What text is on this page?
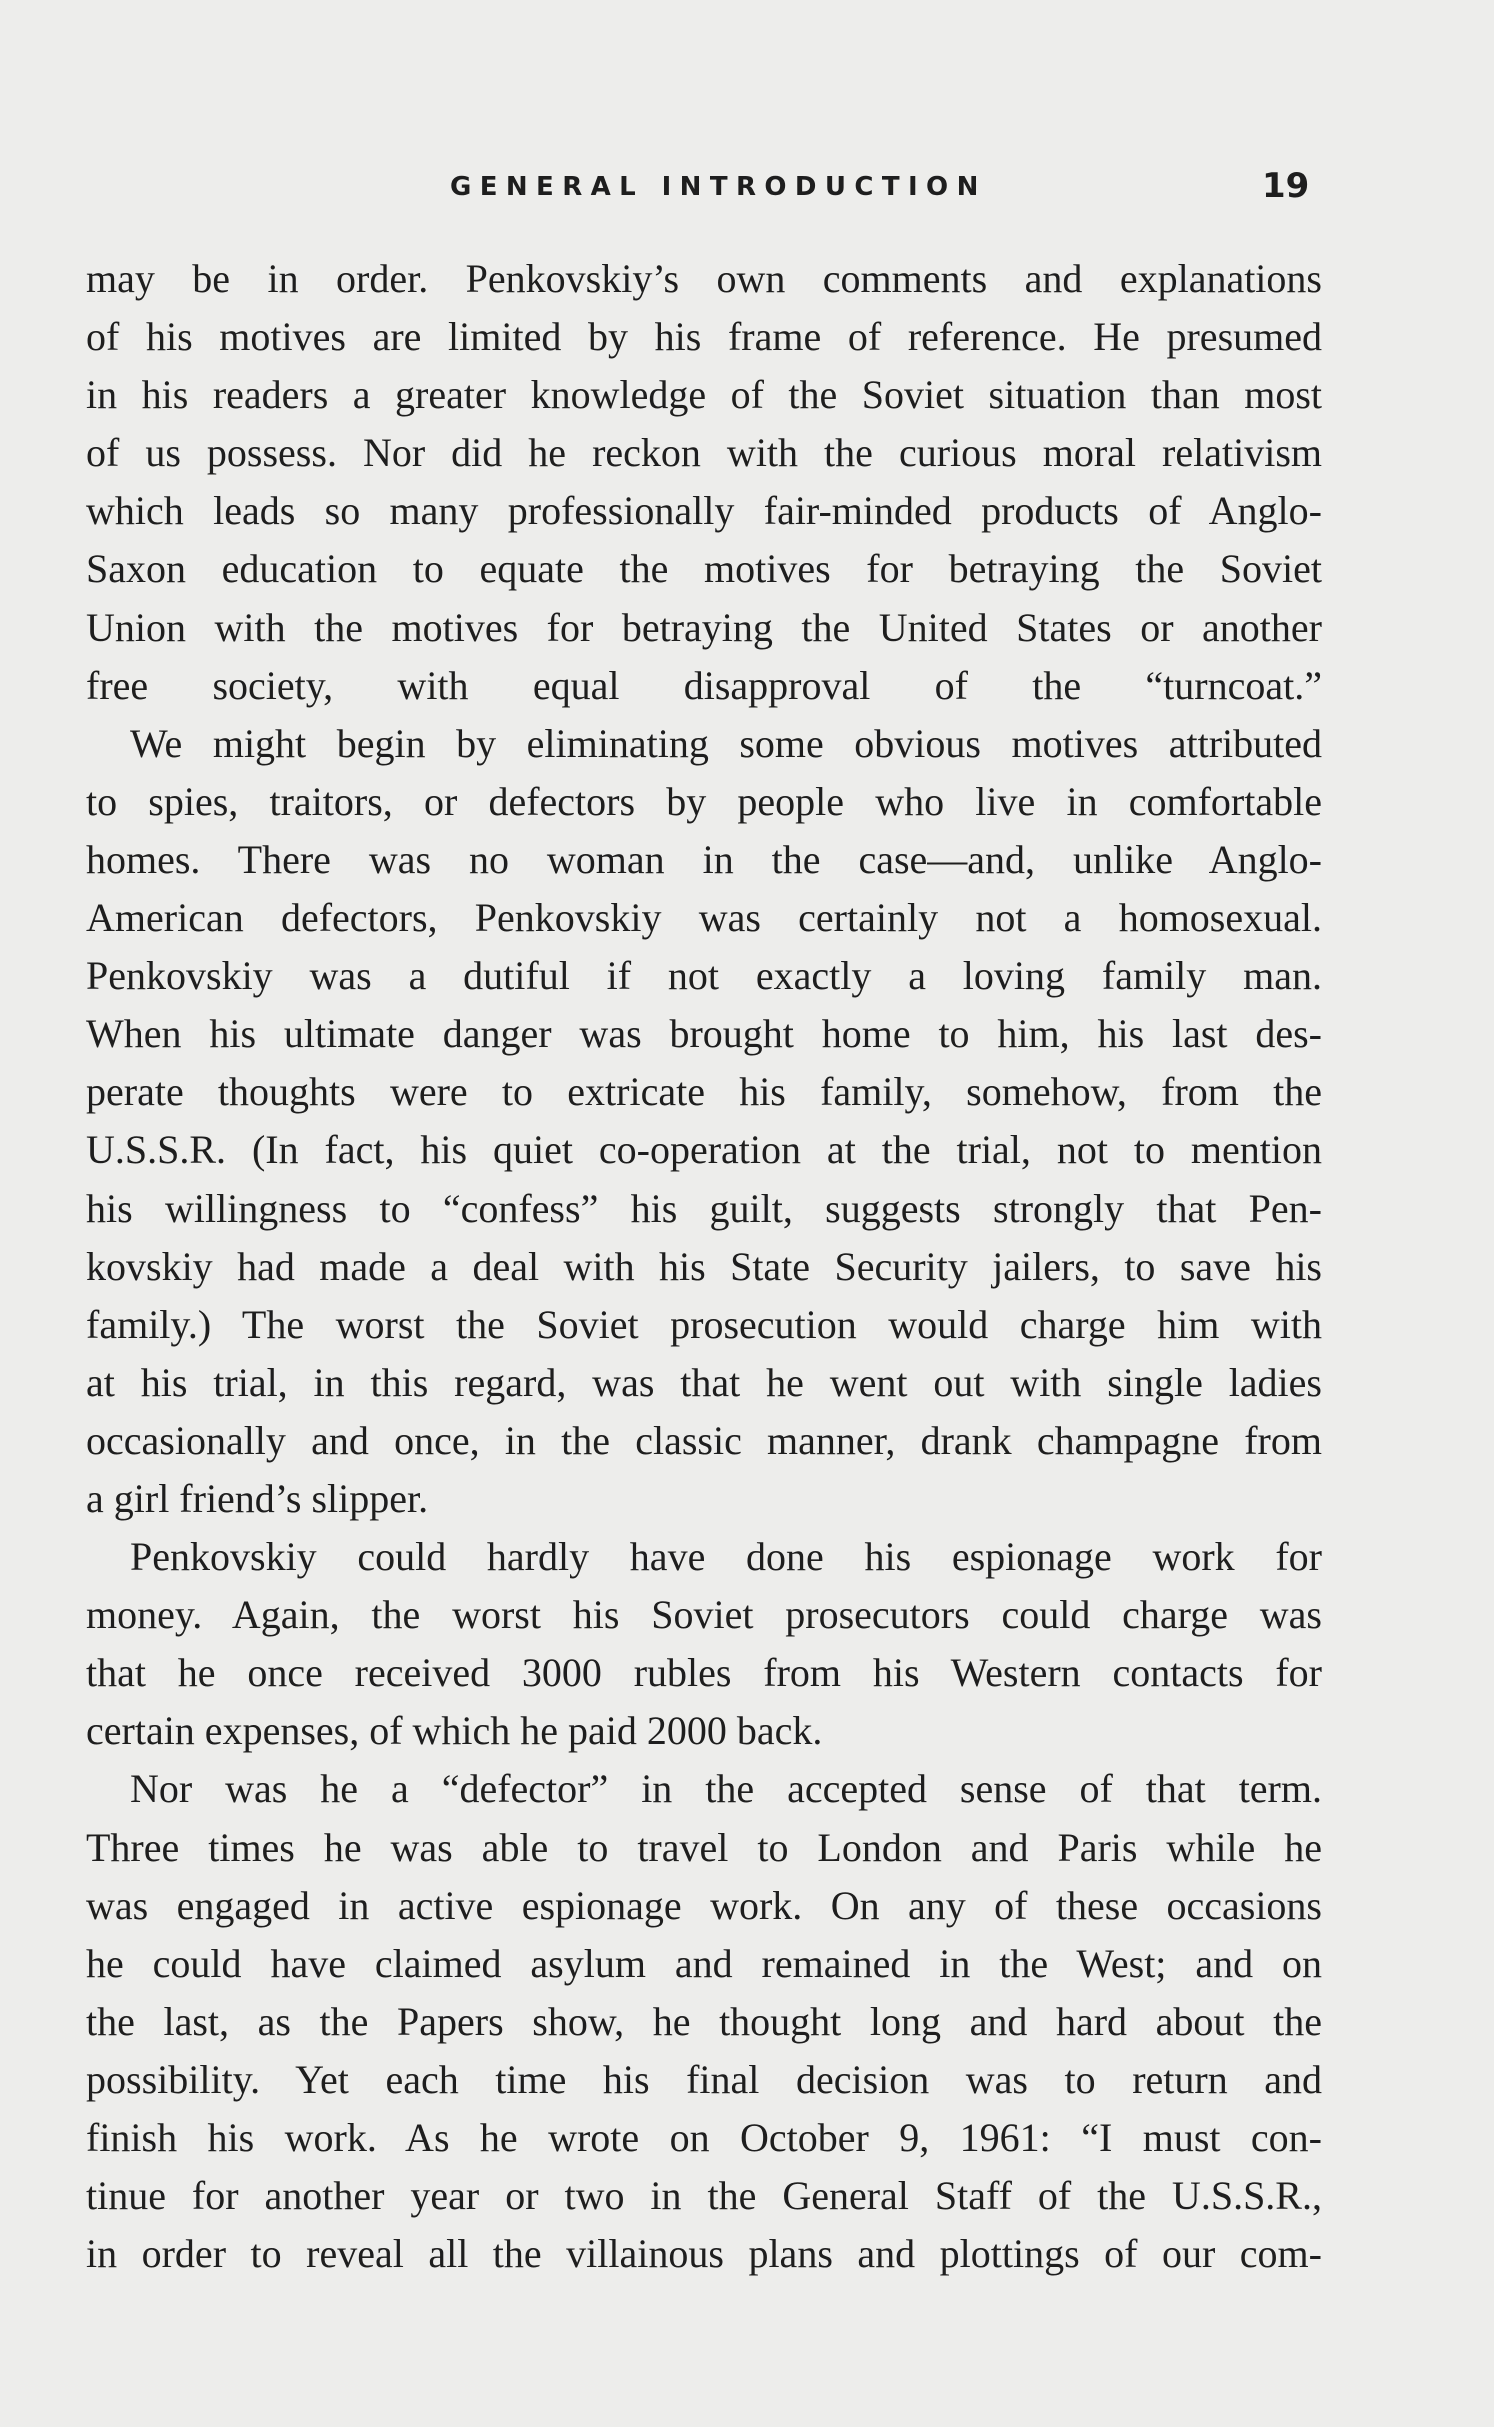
GENERAL INTRODUCTION	19
may be in order. Penkovskiy’s own comments and explanations
of his motives are limited by his frame of reference. He presumed
in his readers a greater knowledge of the Soviet situation than most
of us possess. Nor did he reckon with the curious moral relativism
which leads so many professionally fair-minded products of Anglo-
Saxon education to equate the motives for betraying the Soviet
Union with the motives for betraying the United States or another
free society, with equal disapproval of the “turncoat.”
We might begin by eliminating some obvious motives attributed
to spies, traitors, or defectors by people who live in comfortable
homes. There was no woman in the case—and, unlike Anglo-
American defectors, Penkovskiy was certainly not a homosexual.
Penkovskiy was a dutiful if not exactly a loving family man.
When his ultimate danger was brought home to him, his last des-
perate thoughts were to extricate his family, somehow, from the
U.S.S.R. (In fact, his quiet co-operation at the trial, not to mention
his willingness to “confess” his guilt, suggests strongly that Pen-
kovskiy had made a deal with his State Security jailers, to save his
family.) The worst the Soviet prosecution would charge him with
at his trial, in this regard, was that he went out with single ladies
occasionally and once, in the classic manner, drank champagne from
a girl friend’s slipper.
Penkovskiy could hardly have done his espionage work for
money. Again, the worst his Soviet prosecutors could charge was
that he once received 3000 rubles from his Western contacts for
certain expenses, of which he paid 2000 back.
Nor was he a “defector” in the accepted sense of that term.
Three times he was able to travel to London and Paris while he
was engaged in active espionage work. On any of these occasions
he could have claimed asylum and remained in the West; and on
the last, as the Papers show, he thought long and hard about the
possibility. Yet each time his final decision was to return and
finish his work. As he wrote on October 9, 1961: “I must con-
tinue for another year or two in the General Staff of the U.S.S.R.,
in order to reveal all the villainous plans and plottings of our com-
